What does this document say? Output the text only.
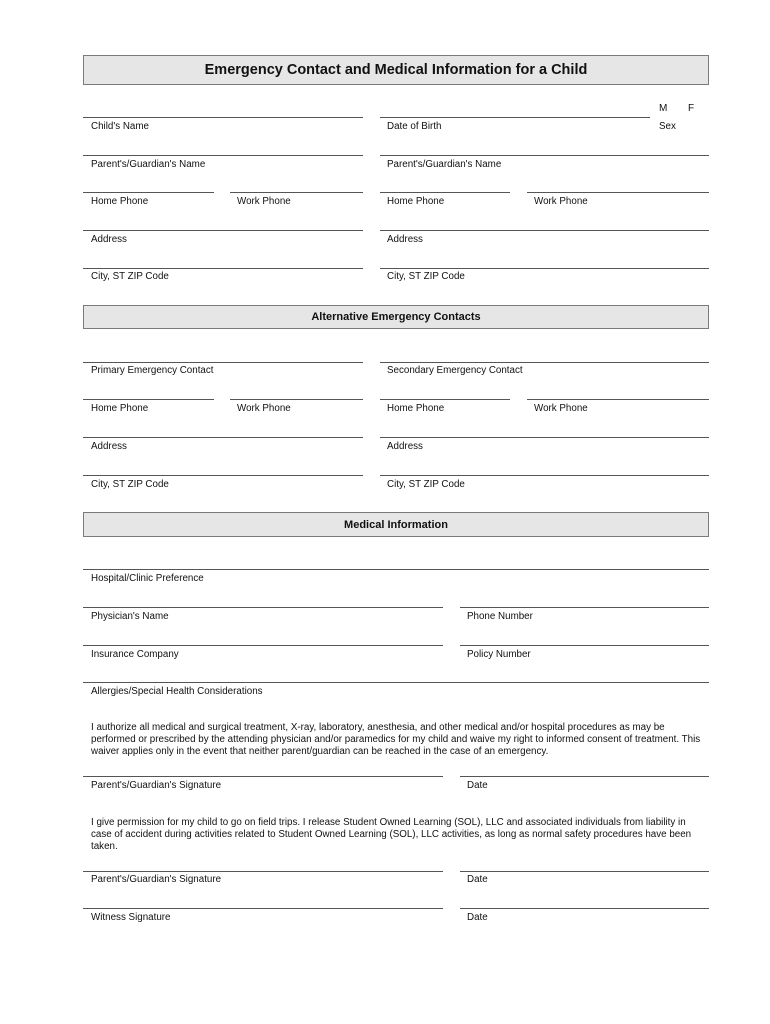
Emergency Contact and Medical Information for a Child
Child's Name	Date of Birth
M F
Sex
Parent's/Guardian's Name	Parent's/Guardian's Name
Home Phone	Work Phone	Home Phone	Work Phone
Address	Address
City, ST ZIP Code	City, ST ZIP Code
Alternative Emergency Contacts
Primary Emergency Contact	Secondary Emergency Contact
Home Phone	Work Phone	Home Phone	Work Phone
Address	Address
City, ST ZIP Code	City, ST ZIP Code
Medical Information
Hospital/Clinic Preference
Physician's Name	Phone Number
Insurance Company	Policy Number
Allergies/Special Health Considerations
I authorize all medical and surgical treatment, X-ray, laboratory, anesthesia, and other medical and/or hospital procedures as may be performed or prescribed by the attending physician and/or paramedics for my child and waive my right to informed consent of treatment. This waiver applies only in the event that neither parent/guardian can be reached in the case of an emergency.
Parent's/Guardian's Signature	Date
I give permission for my child to go on field trips. I release Student Owned Learning (SOL), LLC and associated individuals from liability in case of accident during activities related to Student Owned Learning (SOL), LLC activities, as long as normal safety procedures have been taken.
Parent's/Guardian's Signature	Date
Witness Signature	Date
